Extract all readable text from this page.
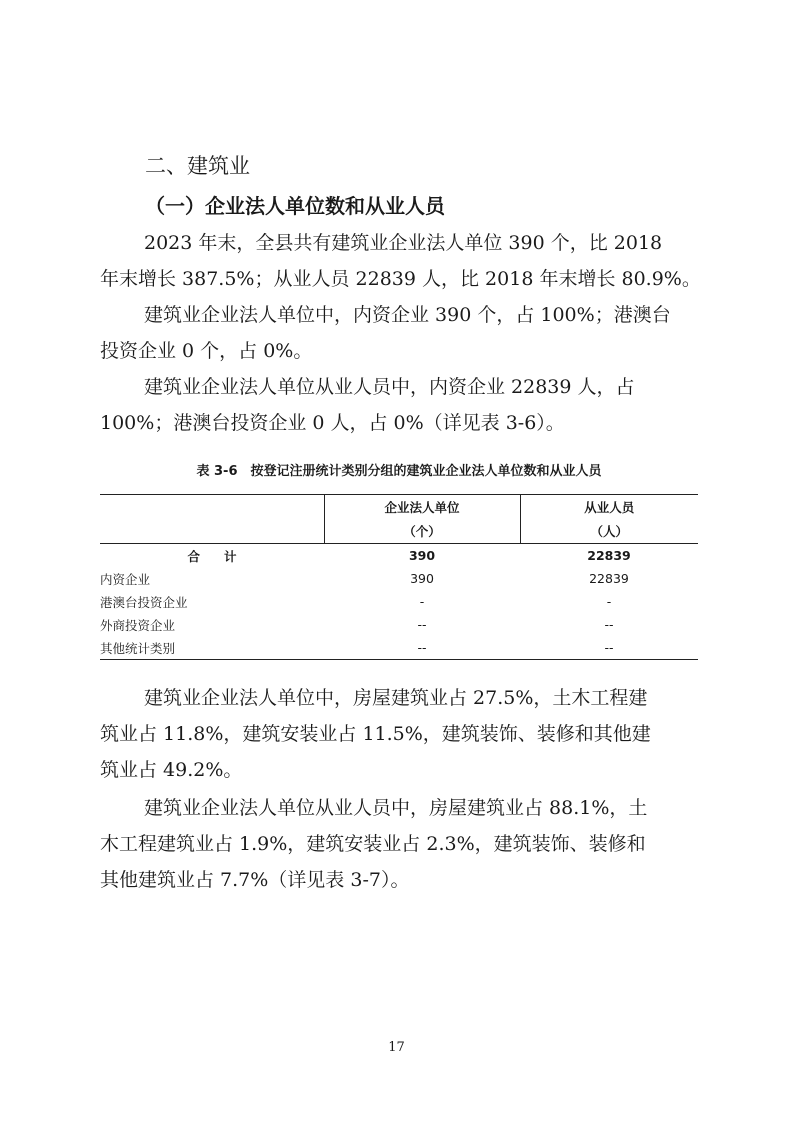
二、建筑业
（一）企业法人单位数和从业人员
2023 年末，全县共有建筑业企业法人单位 390 个，比 2018
年末增长 387.5%；从业人员 22839 人，比 2018 年末增长 80.9%。
建筑业企业法人单位中，内资企业 390 个，占 100%；港澳台
投资企业 0 个，占 0%。
建筑业企业法人单位从业人员中，内资企业 22839 人，占
100%；港澳台投资企业 0 人，占 0%（详见表 3-6）。
表 3-6　按登记注册统计类别分组的建筑业企业法人单位数和从业人员
	企业法人单位	从业人员
	（个）	（人）
合计	390	22839
内资企业	390	22839
港澳台投资企业	-	-
外商投资企业	--	--
其他统计类别	--	--
建筑业企业法人单位中，房屋建筑业占 27.5%，土木工程建
筑业占 11.8%，建筑安装业占 11.5%，建筑装饰、装修和其他建
筑业占 49.2%。
建筑业企业法人单位从业人员中，房屋建筑业占 88.1%，土
木工程建筑业占 1.9%，建筑安装业占 2.3%，建筑装饰、装修和
其他建筑业占 7.7%（详见表 3-7）。
17
